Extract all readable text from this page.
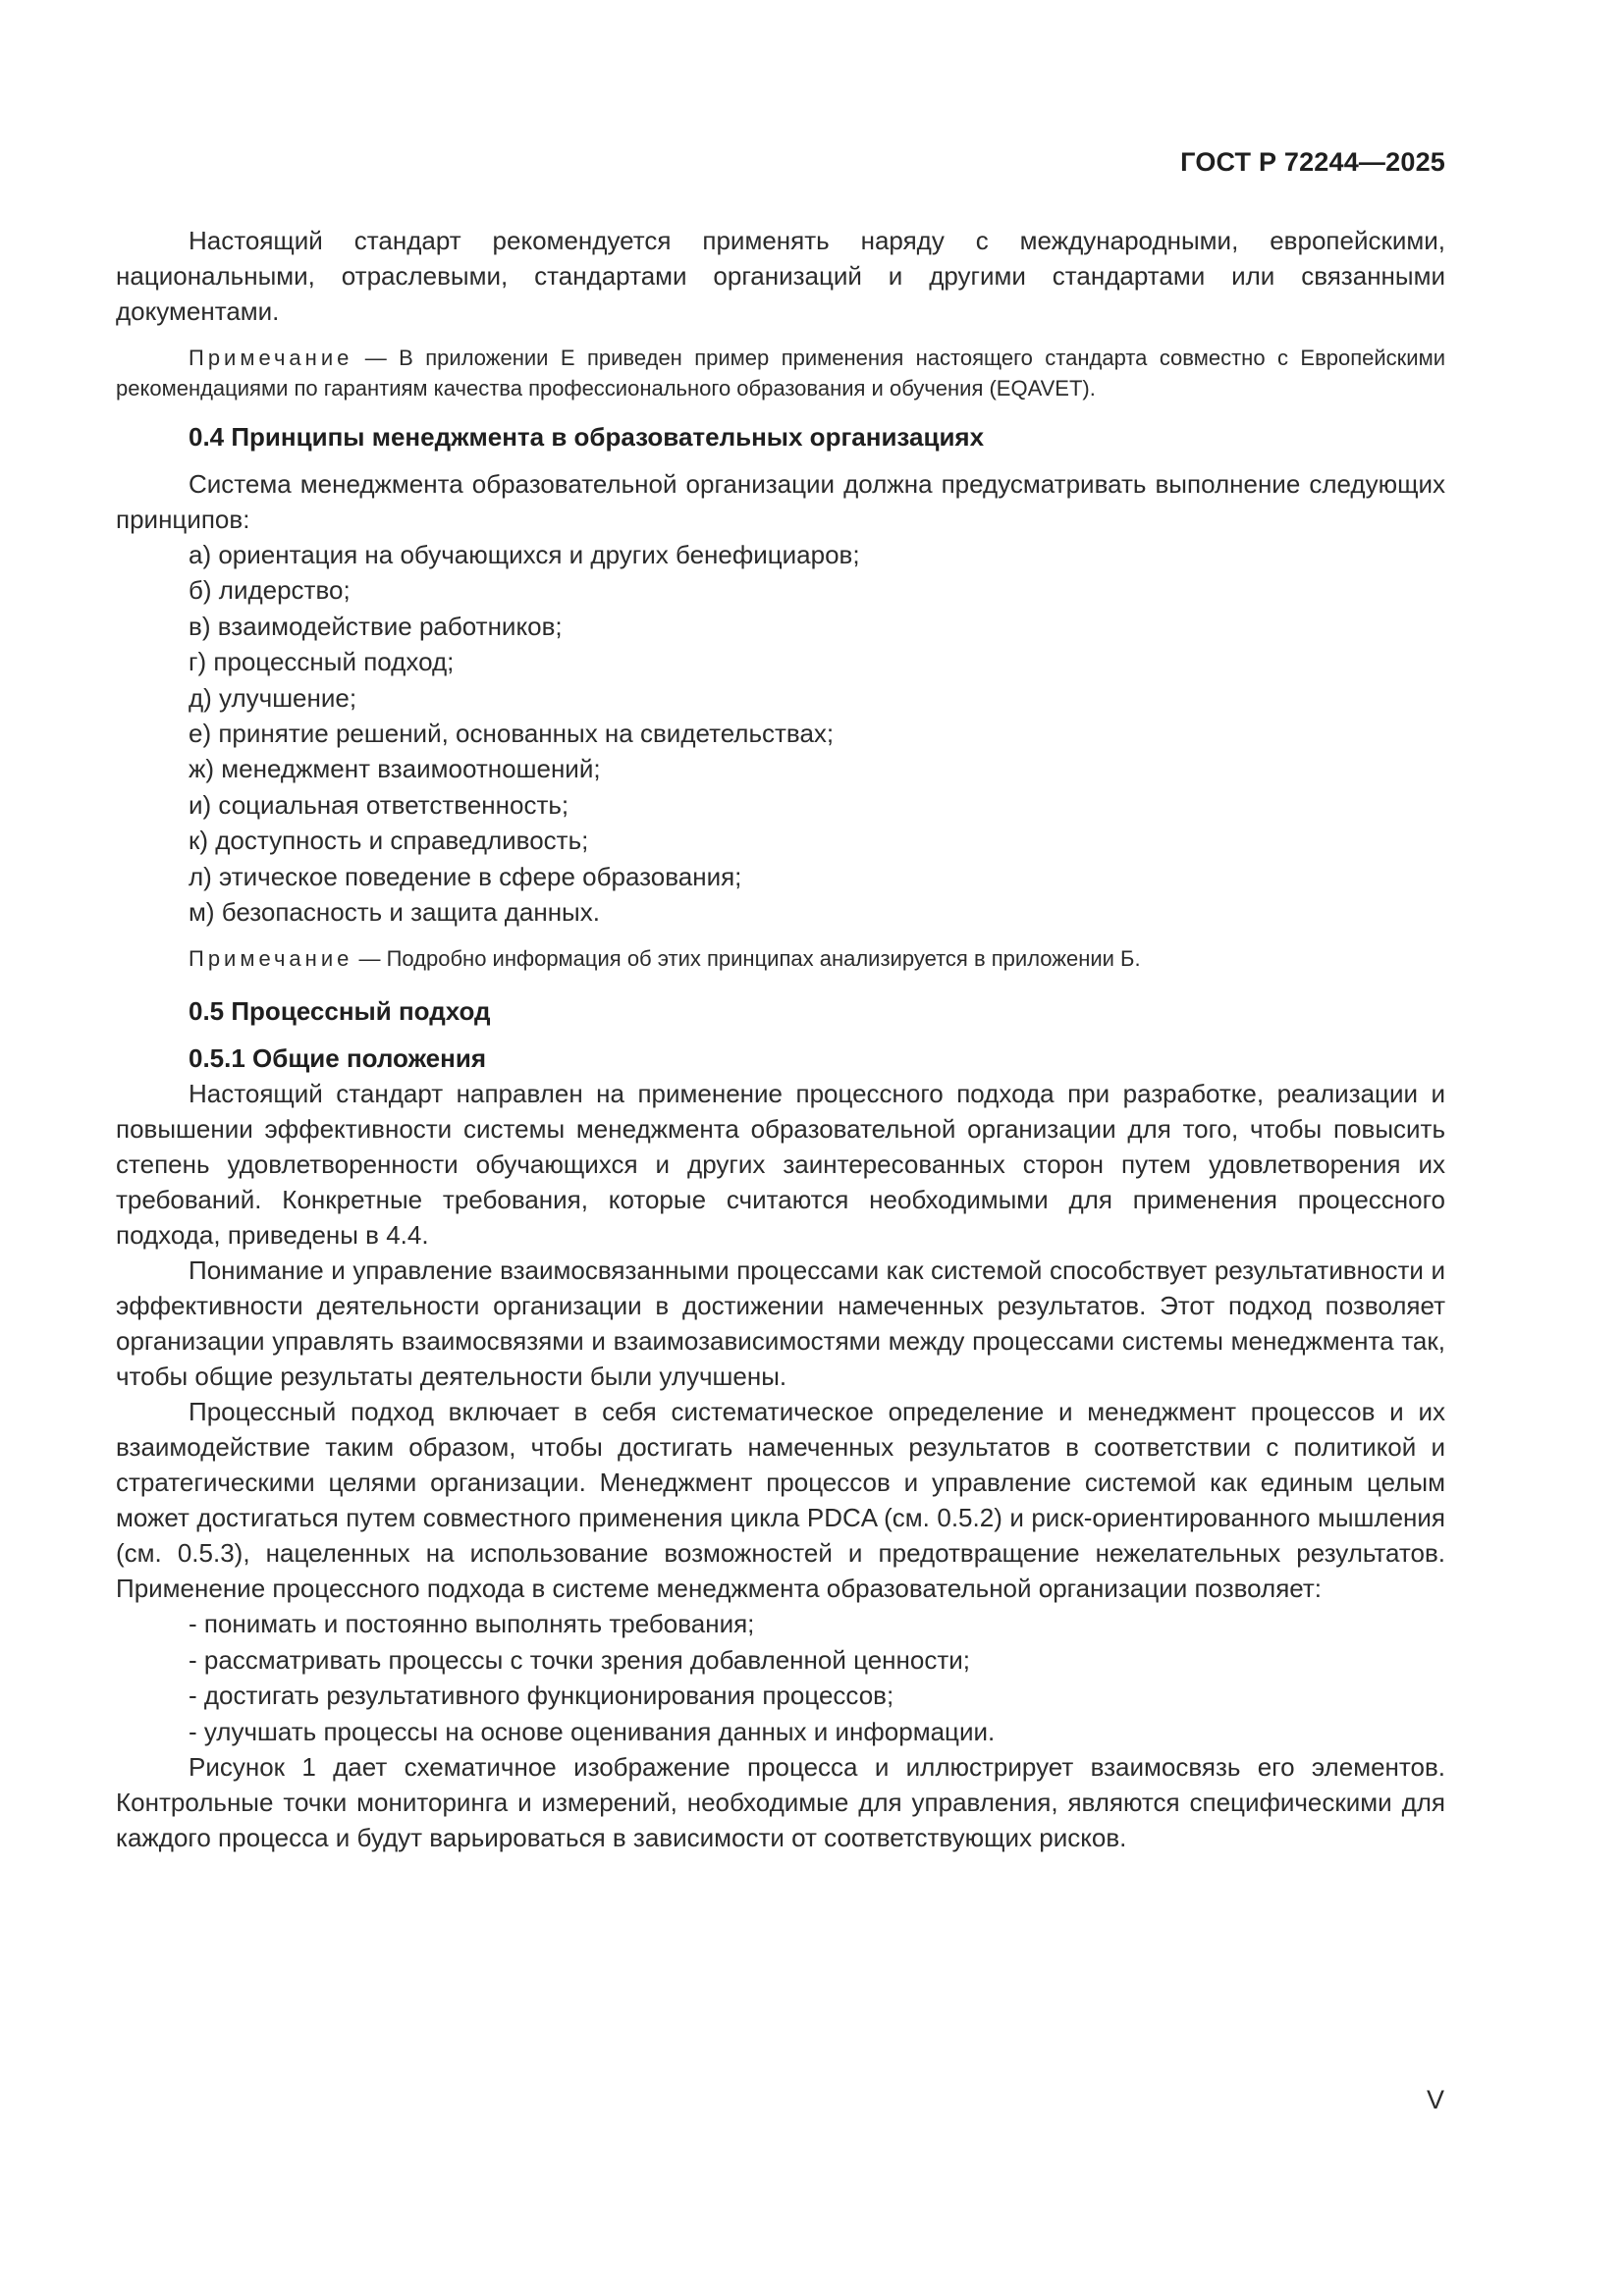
ГОСТ Р 72244—2025

Настоящий стандарт рекомендуется применять наряду с международными, европейскими, национальными, отраслевыми, стандартами организаций и другими стандартами или связанными документами.

Примечание — В приложении Е приведен пример применения настоящего стандарта совместно с Европейскими рекомендациями по гарантиям качества профессионального образования и обучения (EQAVET).

0.4 Принципы менеджмента в образовательных организациях

Система менеджмента образовательной организации должна предусматривать выполнение следующих принципов:

а) ориентация на обучающихся и других бенефициаров;
б) лидерство;
в) взаимодействие работников;
г) процессный подход;
д) улучшение;
е) принятие решений, основанных на свидетельствах;
ж) менеджмент взаимоотношений;
и) социальная ответственность;
к) доступность и справедливость;
л) этическое поведение в сфере образования;
м) безопасность и защита данных.

Примечание — Подробно информация об этих принципах анализируется в приложении Б.

0.5 Процессный подход

0.5.1 Общие положения

Настоящий стандарт направлен на применение процессного подхода при разработке, реализации и повышении эффективности системы менеджмента образовательной организации для того, чтобы повысить степень удовлетворенности обучающихся и других заинтересованных сторон путем удовлетворения их требований. Конкретные требования, которые считаются необходимыми для применения процессного подхода, приведены в 4.4.

Понимание и управление взаимосвязанными процессами как системой способствует результативности и эффективности деятельности организации в достижении намеченных результатов. Этот подход позволяет организации управлять взаимосвязями и взаимозависимостями между процессами системы менеджмента так, чтобы общие результаты деятельности были улучшены.

Процессный подход включает в себя систематическое определение и менеджмент процессов и их взаимодействие таким образом, чтобы достигать намеченных результатов в соответствии с политикой и стратегическими целями организации. Менеджмент процессов и управление системой как единым целым может достигаться путем совместного применения цикла PDCA (см. 0.5.2) и риск-ориентированного мышления (см. 0.5.3), нацеленных на использование возможностей и предотвращение нежелательных результатов. Применение процессного подхода в системе менеджмента образовательной организации позволяет:

- понимать и постоянно выполнять требования;
- рассматривать процессы с точки зрения добавленной ценности;
- достигать результативного функционирования процессов;
- улучшать процессы на основе оценивания данных и информации.

Рисунок 1 дает схематичное изображение процесса и иллюстрирует взаимосвязь его элементов. Контрольные точки мониторинга и измерений, необходимые для управления, являются специфическими для каждого процесса и будут варьироваться в зависимости от соответствующих рисков.

V
